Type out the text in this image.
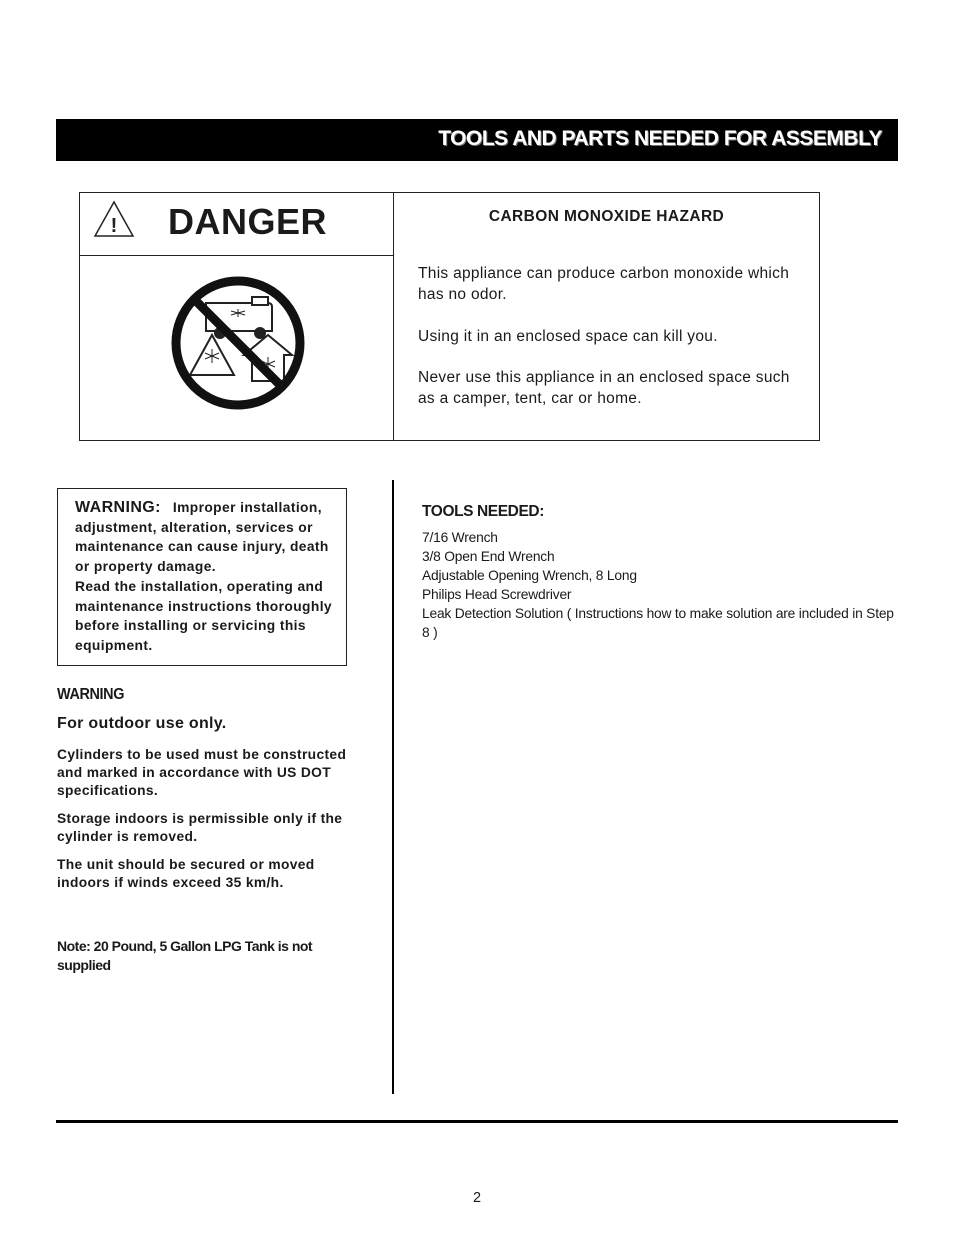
TOOLS AND PARTS NEEDED FOR ASSEMBLY
! DANGER	CARBON MONOXIDE HAZARD

This appliance can produce carbon monoxide which has no odor.

Using it in an enclosed space can kill you.

Never use this appliance in an enclosed space such as a camper, tent, car or home.

WARNING: Improper installation, adjustment, alteration, services or maintenance can cause injury, death or property damage.

Read the installation, operating and maintenance instructions thoroughly before installing or servicing this equipment.

WARNING
For outdoor use only.

Cylinders to be used must be constructed and marked in accordance with US DOT specifications.

Storage indoors is permissible only if the cylinder is removed.

The unit should be secured or moved indoors if winds exceed 35 km/h.

Note: 20 Pound, 5 Gallon LPG Tank is not supplied

TOOLS NEEDED:

7/16 Wrench
3/8 Open End Wrench
Adjustable Opening Wrench, 8 Long
Philips Head Screwdriver
Leak Detection Solution ( Instructions how to make solution are included in Step 8 )
2
